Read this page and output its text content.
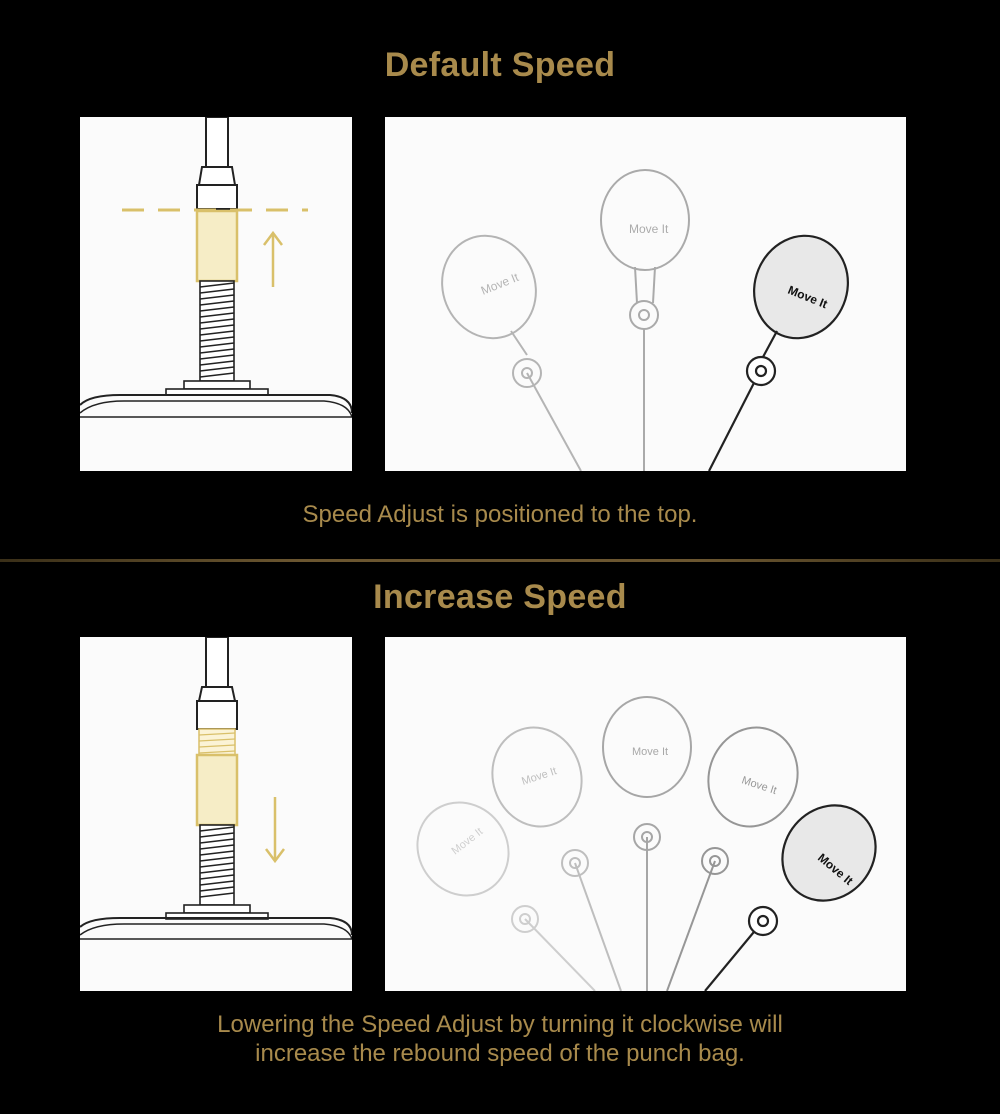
Default Speed
Move It
Move It
Move It
Speed Adjust is positioned to the top.
Increase Speed
Move It
Move It
Move It
Move It
Move It
Lowering the Speed Adjust by turning it clockwise will
increase the rebound speed of the punch bag.
